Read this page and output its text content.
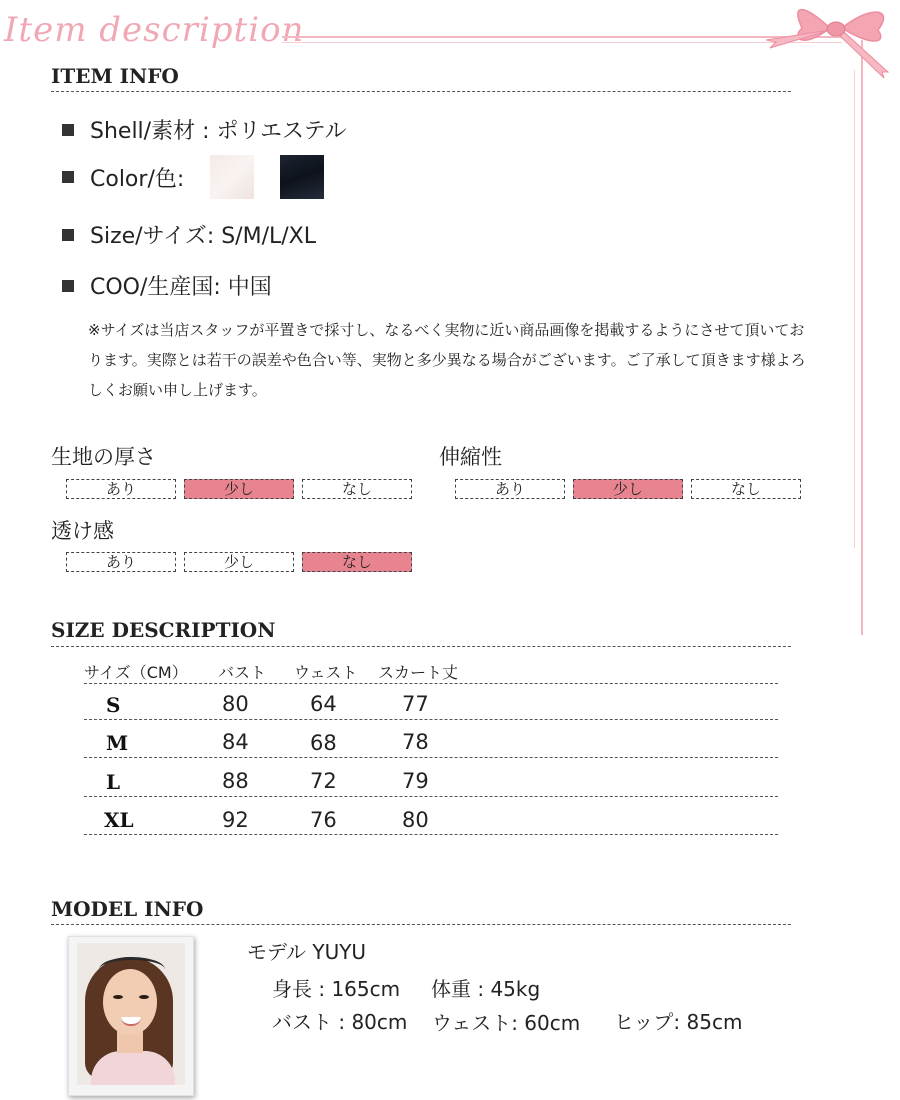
Item description
ITEM INFO
Shell/素材 : ポリエステル
Color/色:
Size/サイズ: S/M/L/XL
COO/生産国: 中国
※サイズは当店スタッフが平置きで採寸し、なるべく実物に近い商品画像を掲載するようにさせて頂いております。実際とは若干の誤差や色合い等、実物と多少異なる場合がございます。ご了承して頂きます様よろしくお願い申し上げます。
生地の厚さ
あり	少し	なし
伸縮性
あり	少し	なし
透け感
あり	少し	なし
SIZE DESCRIPTION
サイズ（CM） バスト ウェスト スカート丈
S	80	64	77
M	84	68	78
L	88	72	79
XL	92	76	80
MODEL INFO
モデル YUYU
身長 : 165cm 体重 : 45kg
バスト : 80cm ウェスト: 60cm ヒップ: 85cm
